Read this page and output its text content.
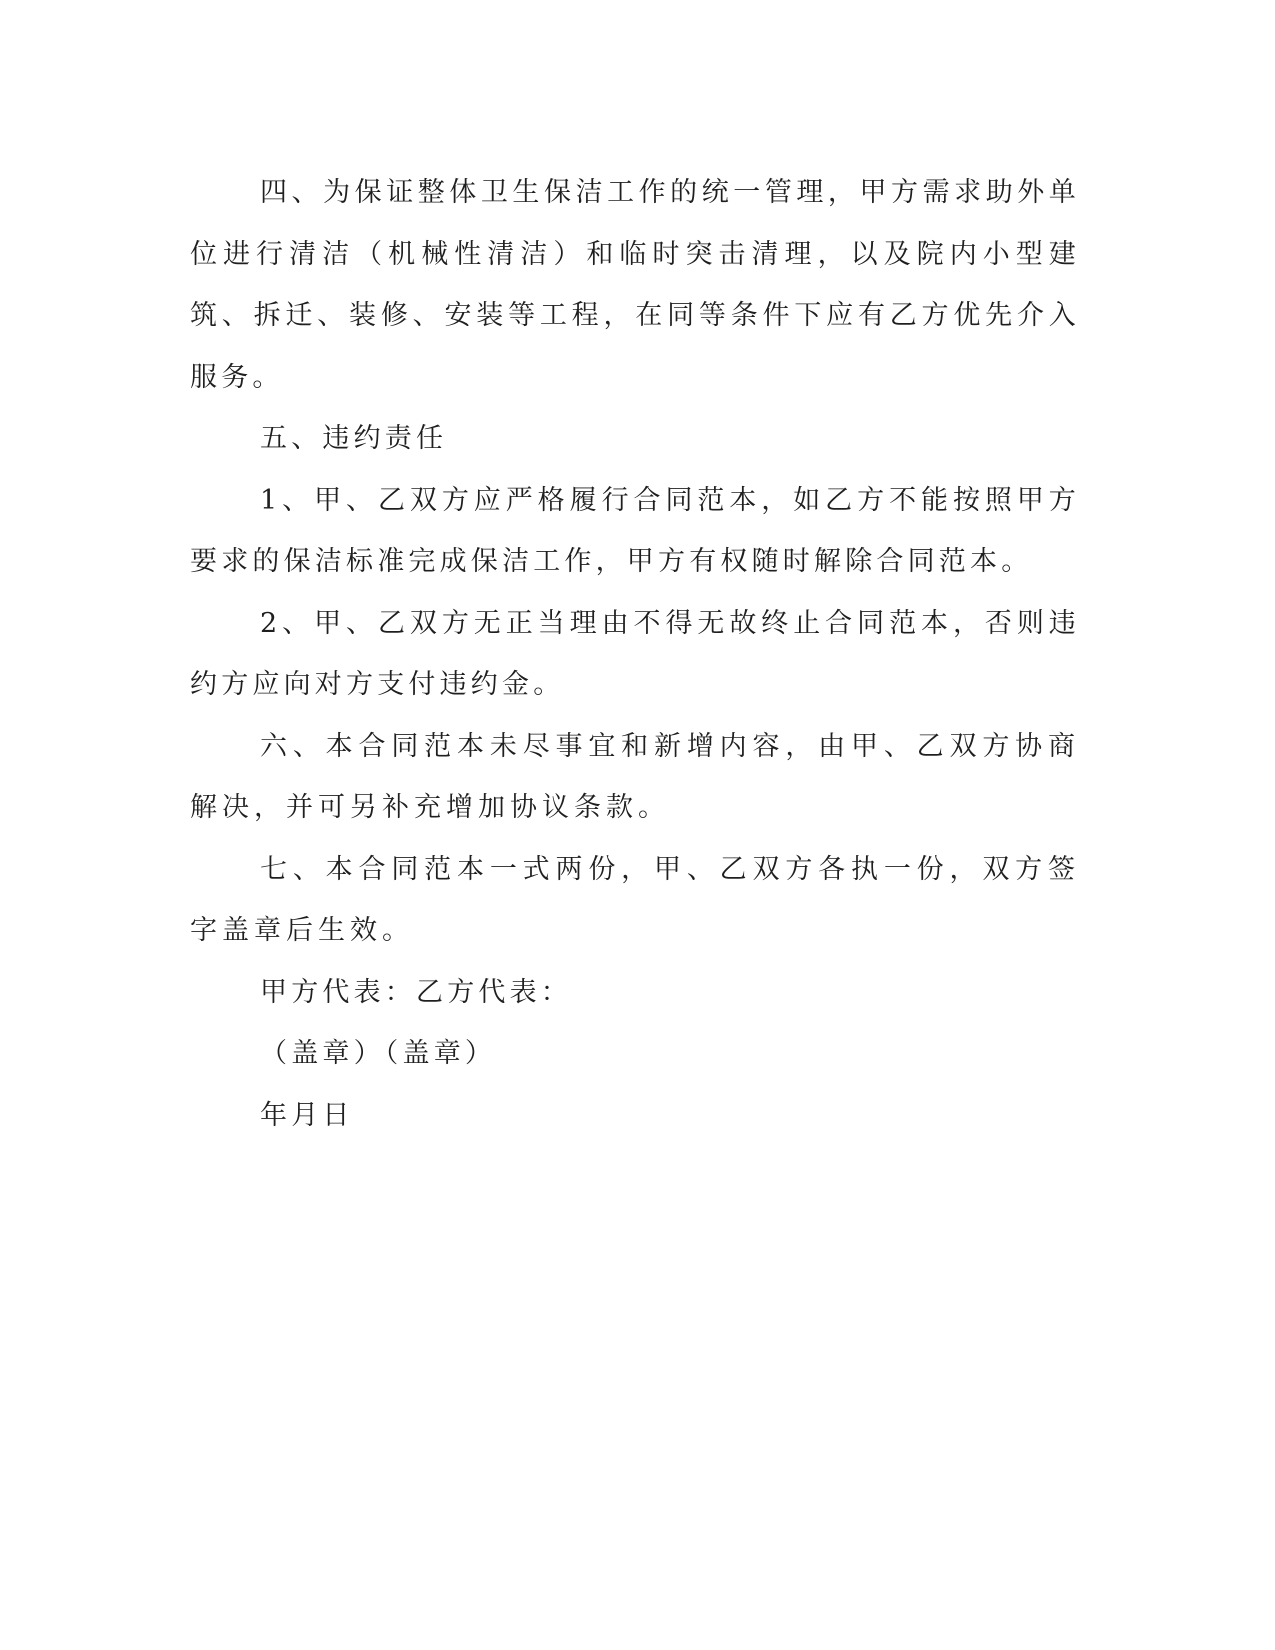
四、为保证整体卫生保洁工作的统一管理，甲方需求助外单位进行清洁（机械性清洁）和临时突击清理，以及院内小型建筑、拆迁、装修、安装等工程，在同等条件下应有乙方优先介入服务。

五、违约责任

1、甲、乙双方应严格履行合同范本，如乙方不能按照甲方要求的保洁标准完成保洁工作，甲方有权随时解除合同范本。

2、甲、乙双方无正当理由不得无故终止合同范本，否则违约方应向对方支付违约金。

六、本合同范本未尽事宜和新增内容，由甲、乙双方协商解决，并可另补充增加协议条款。

七、本合同范本一式两份，甲、乙双方各执一份，双方签字盖章后生效。

甲方代表：乙方代表：

（盖章）（盖章）

年月日
